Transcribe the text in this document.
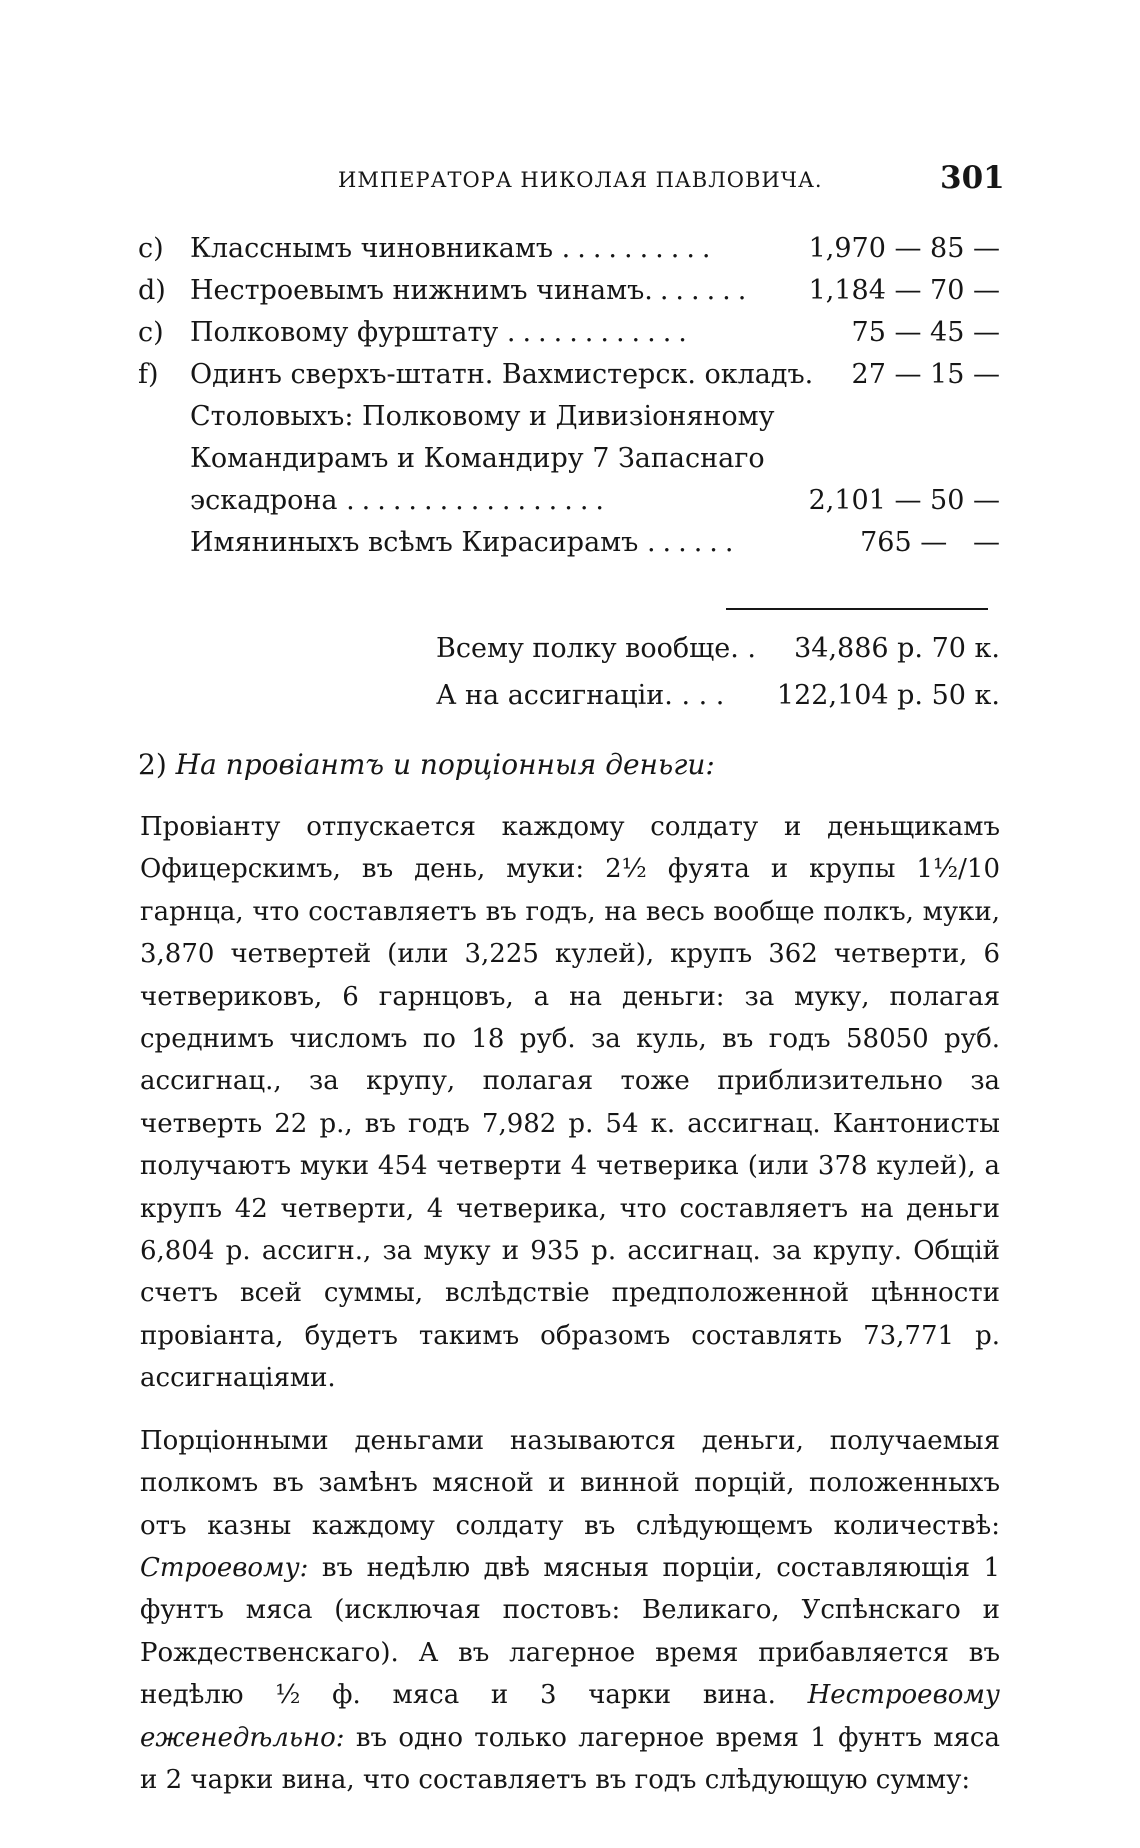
ИМПЕРАТОРА НИКОЛАЯ ПАВЛОВИЧА.	301
c) Класснымъ чиновникамъ ..........	1,970 — 85 —
d) Нестроевымъ нижнимъ чинамъ....... 1,184 — 70 —
c) Полковому фурштату ............	75 — 45 —
f) Одинъ сверхъ-штатн. Вахмистерск. окладъ. 27 — 15 —
Столовыхъ: Полковому и Дивизіоняному
Командирамъ и Командиру 7 Запаснаго
эскадрона .................	2,101 — 50 —
Имяниныхъ всѣмъ Кирасирамъ ......	765 —   —
Всему полку вообще. . 34,886 р. 70 к.
А на ассигнаціи. . . . 122,104 р. 50 к.
2) На провіантъ и порціонныя деньги:

Провіанту отпускается каждому солдату и деньщикамъ Офицерскимъ, въ день, муки: 2½ фуята и крупы 1½/10 гарнца, что составляетъ въ годъ, на весь вообще полкъ, муки, 3,870 четвертей (или 3,225 кулей), крупъ 362 четверти, 6 четвериковъ, 6 гарнцовъ, а на деньги: за муку, полагая среднимъ числомъ по 18 руб. за куль, въ годъ 58050 руб. ассигнац., за крупу, полагая тоже приблизительно за четверть 22 р., въ годъ 7,982 р. 54 к. ассигнац. Кантонисты получаютъ муки 454 четверти 4 четверика (или 378 кулей), а крупъ 42 четверти, 4 четверика, что составляетъ на деньги 6,804 р. ассигн., за муку и 935 р. ассигнац. за крупу. Общій счетъ всей суммы, вслѣдствіе предположенной цѣнности провіанта, будетъ такимъ образомъ составлять 73,771 р. ассигнаціями.

Порціонными деньгами называются деньги, получаемыя полкомъ въ замѣнъ мясной и винной порцій, положенныхъ отъ казны каждому солдату въ слѣдующемъ количествѣ: Строевому: въ недѣлю двѣ мясныя порціи, составляющія 1 фунтъ мяса (исключая постовъ: Великаго, Успѣнскаго и Рождественскаго). А въ лагерное время прибавляется въ недѣлю ½ ф. мяса и 3 чарки вина. Нестроевому еженедѣльно: въ одно только лагерное время 1 фунтъ мяса и 2 чарки вина, что составляетъ въ годъ слѣдующую сумму:
